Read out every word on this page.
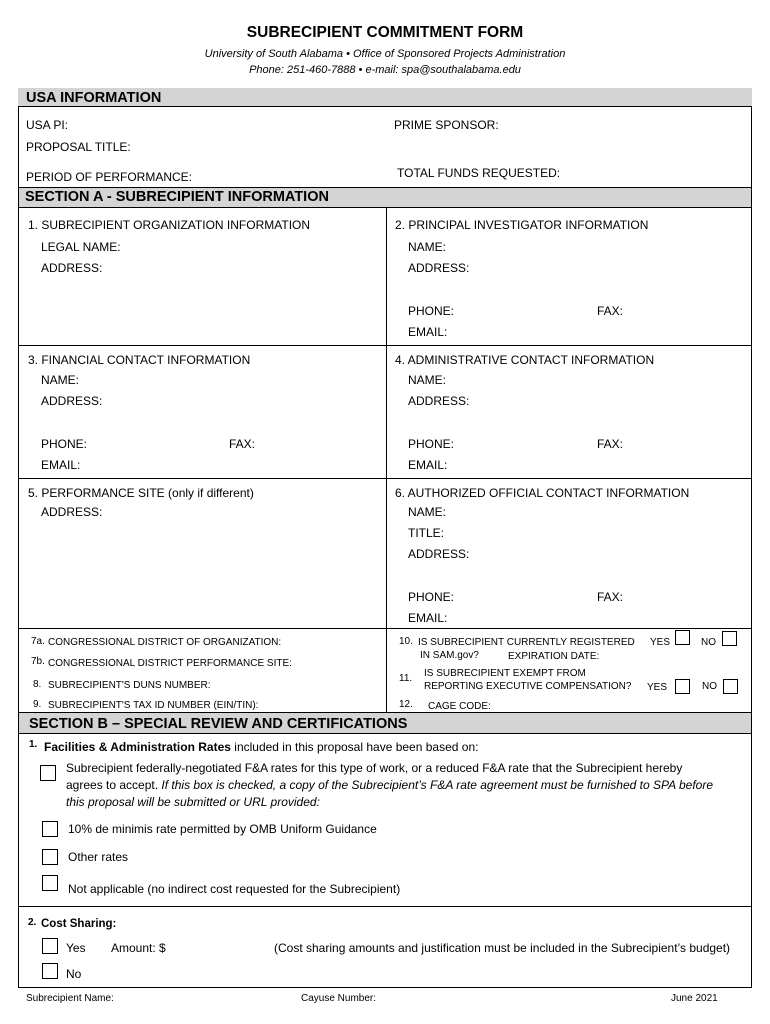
SUBRECIPIENT COMMITMENT FORM
University of South Alabama • Office of Sponsored Projects Administration
Phone: 251-460-7888 • e-mail: spa@southalabama.edu
USA INFORMATION
USA PI:	PRIME SPONSOR:
PROPOSAL TITLE:
PERIOD OF PERFORMANCE:	TOTAL FUNDS REQUESTED:
SECTION A - SUBRECIPIENT INFORMATION
1. SUBRECIPIENT ORGANIZATION INFORMATION
LEGAL NAME:
ADDRESS:
2. PRINCIPAL INVESTIGATOR INFORMATION
NAME:
ADDRESS:
PHONE:	FAX:
EMAIL:
3. FINANCIAL CONTACT INFORMATION
NAME:
ADDRESS:
PHONE:	FAX:
EMAIL:
4. ADMINISTRATIVE CONTACT INFORMATION
NAME:
ADDRESS:
PHONE:	FAX:
EMAIL:
5. PERFORMANCE SITE (only if different)
ADDRESS:
6. AUTHORIZED OFFICIAL CONTACT INFORMATION
NAME:
TITLE:
ADDRESS:
PHONE:	FAX:
EMAIL:
7a. CONGRESSIONAL DISTRICT OF ORGANIZATION:
7b. CONGRESSIONAL DISTRICT PERFORMANCE SITE:
8. SUBRECIPIENT'S DUNS NUMBER:
9. SUBRECIPIENT'S TAX ID NUMBER (EIN/TIN):
10. IS SUBRECIPIENT CURRENTLY REGISTERED
IN SAM.gov?	EXPIRATION DATE:
YES	NO
11. IS SUBRECIPIENT EXEMPT FROM
REPORTING EXECUTIVE COMPENSATION? YES	NO
12. CAGE CODE:
SECTION B – SPECIAL REVIEW AND CERTIFICATIONS
1. Facilities & Administration Rates included in this proposal have been based on:
Subrecipient federally-negotiated F&A rates for this type of work, or a reduced F&A rate that the Subrecipient hereby
agrees to accept. If this box is checked, a copy of the Subrecipient’s F&A rate agreement must be furnished to SPA before
this proposal will be submitted or URL provided:
10% de minimis rate permitted by OMB Uniform Guidance
Other rates
Not applicable (no indirect cost requested for the Subrecipient)
2. Cost Sharing:
Yes Amount: $	(Cost sharing amounts and justification must be included in the Subrecipient’s budget)
No
Subrecipient Name:	Cayuse Number:	June 2021
